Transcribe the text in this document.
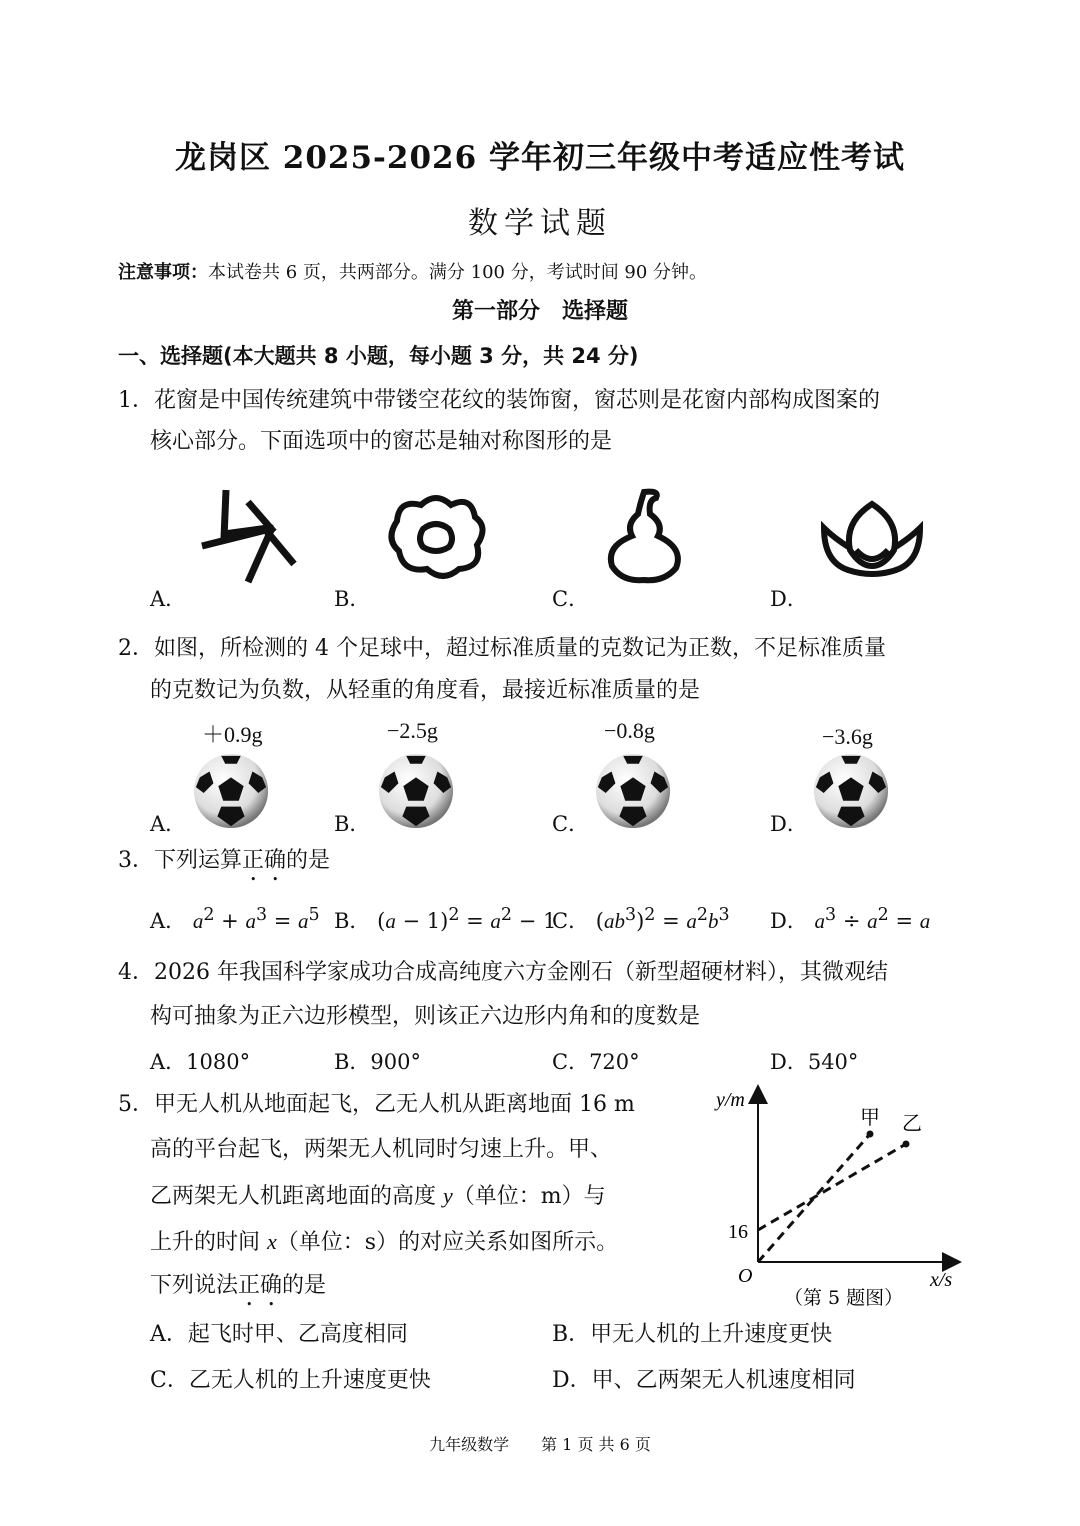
龙岗区 2025-2026 学年初三年级中考适应性考试
数学试题
注意事项：本试卷共 6 页，共两部分。满分 100 分，考试时间 90 分钟。
第一部分　选择题
一、选择题(本大题共 8 小题，每小题 3 分，共 24 分)
1．花窗是中国传统建筑中带镂空花纹的装饰窗，窗芯则是花窗内部构成图案的
核心部分。下面选项中的窗芯是轴对称图形的是
A．	B．	C．	D．
2．如图，所检测的 4 个足球中，超过标准质量的克数记为正数，不足标准质量
的克数记为负数，从轻重的角度看，最接近标准质量的是
＋0.9g	−2.5g	−0.8g	−3.6g
A．	B．	C．	D．
3．下列运算正确的是
A． $a^2 + a^3 = a^5$ B． $(a - 1)^2 = a^2 - 1$
C． $(ab^3)^2 = a^2b^3$ D． $a^3 \div a^2 = a$
4．2026 年我国科学家成功合成高纯度六方金刚石（新型超硬材料），其微观结
构可抽象为正六边形模型，则该正六边形内角和的度数是
A．1080°	B．900°	C．720°	D．540°
5．甲无人机从地面起飞，乙无人机从距离地面 16 m
高的平台起飞，两架无人机同时匀速上升。甲、
乙两架无人机距离地面的高度 y（单位：m）与
上升的时间 x（单位：s）的对应关系如图所示。
下列说法正确的是
y/m
x/s
O
16
甲 乙
（第 5 题图）
A．起飞时甲、乙高度相同	B．甲无人机的上升速度更快
C．乙无人机的上升速度更快	D．甲、乙两架无人机速度相同
九年级数学　　第 1 页 共 6 页
